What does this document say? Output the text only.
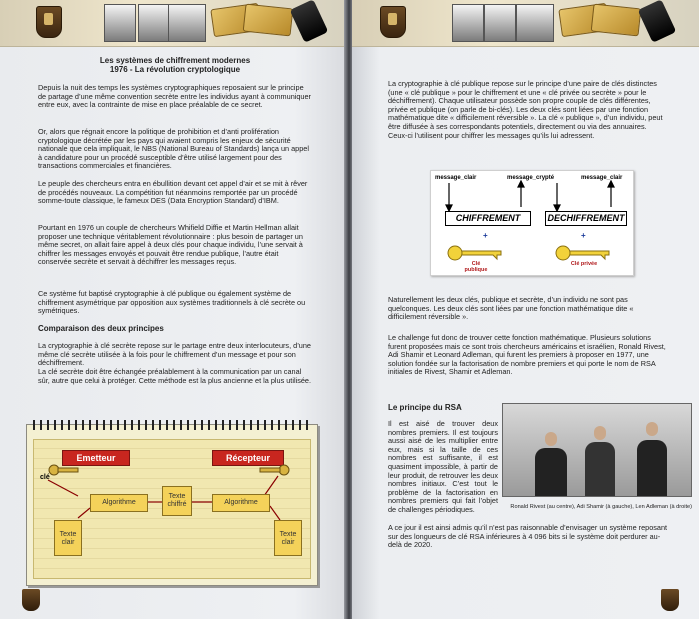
Les systèmes de chiffrement modernes

1976 - La révolution cryptologique

Depuis la nuit des temps les systèmes cryptographiques reposaient sur le principe de partage d’une même convention secrète entre les individus ayant à communiquer entre eux, avec la contrainte de mise en place préalable de ce secret.

Or, alors que régnait encore la politique de prohibition et d’anti prolifération cryptologique décrétée par les pays qui avaient compris les enjeux de sécurité nationale que cela impliquait, le NBS (National Bureau of Standards) lança un appel à candidature pour un procédé susceptible d’être utilisé largement pour des transactions commerciales et financières.

Le peuple des chercheurs entra en ébullition devant cet appel d’air et se mit à rêver de procédés nouveaux. La compétition fut néanmoins remportée par un procédé somme-toute classique, le fameux DES (Data Encryption Standard) d’IBM.

Pourtant en 1976 un couple de chercheurs Whifield Diffie et Martin Hellman allait proposer une technique véritablement révolutionnaire : plus besoin de partager un même secret, on allait faire appel à deux clés pour chaque individu, l’une servait à chiffrer les messages envoyés et pouvait être rendue publique, l’autre était conservée secrète et servait à déchiffrer les messages reçus.

Ce système fut baptisé cryptographie à clé publique ou également système de chiffrement asymétrique par opposition aux systèmes traditionnels à clé secrète ou symétriques.

Comparaison des deux principes

La cryptographie à clé secrète repose sur le partage entre deux interlocuteurs, d’une même clé secrète utilisée à la fois pour le chiffrement d’un message et pour son déchiffrement.

La clé secrète doit être échangée préalablement à la communication par un canal sûr, autre que celui à protéger. Cette méthode est la plus ancienne et la plus utilisée.

Emetteur	Récepteur
clé
Algorithme
Texte chiffré	Algorithme
Texte clair
Texte clair

La cryptographie à clé publique repose sur le principe d’une paire de clés distinctes (une « clé publique » pour le chiffrement et une « clé privée ou secrète » pour le déchiffrement). Chaque utilisateur possède son propre couple de clés différentes, privée et publique (on parle de bi-clés). Les deux clés sont liées par une fonction mathématique dite « difficilement réversible ». La clé « publique », d’un individu, peut être diffusée à ses correspondants potentiels, directement ou via des annuaires. Ceux-ci l’utilisent pour chiffrer les messages qu’ils lui adressent.

message_clair	message_crypté	message_clair
CHIFFREMENT	DECHIFFREMENT
+	+
Clé publique
Clé privée

Naturellement les deux clés, publique et secrète, d’un individu ne sont pas quelconques. Les deux clés sont liées par une fonction mathématique dite « difficilement réversible ».

Le challenge fut donc de trouver cette fonction mathématique. Plusieurs solutions furent proposées mais ce sont trois chercheurs américains et israélien, Ronald Rivest, Adi Shamir et Leonard Adleman, qui furent les premiers à proposer en 1977, une solution fondée sur la factorisation de nombre premiers et qui porte le nom de RSA initiales de Rivest, Shamir et Adleman.

Le principe du RSA

Il est aisé de trouver deux nombres premiers. Il est toujours aussi aisé de les multiplier entre eux, mais si la taille de ces nombres est suffisante, il est quasiment impossible, à partir de leur produit, de retrouver les deux nombres initiaux. C’est tout le problème de la factorisation en nombres premiers qui fait l’objet de challenges périodiques.	Ronald Rivest (au centre), Adi Shamir (à gauche), Len Adleman (à droite)

A ce jour il est ainsi admis qu’il n’est pas raisonnable d’envisager un système reposant sur des longueurs de clé RSA inférieures à 4 096 bits si le système doit perdurer au-delà de 2020.
